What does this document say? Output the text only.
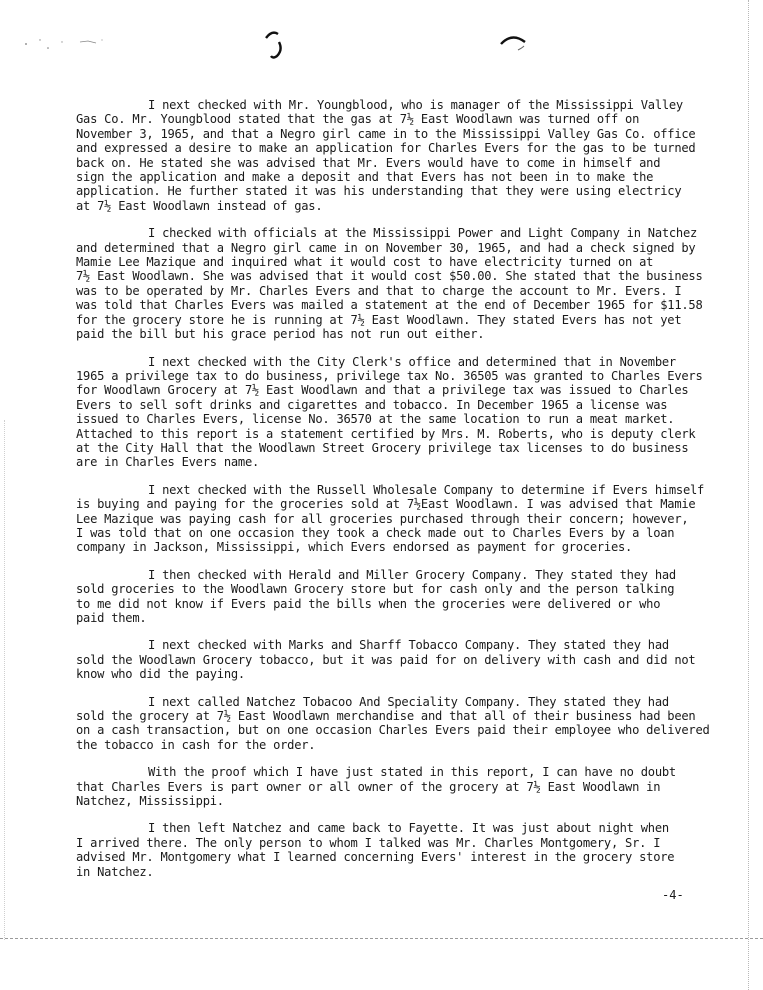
I next checked with Mr. Youngblood, who is manager of the Mississippi Valley
Gas Co. Mr. Youngblood stated that the gas at 7½ East Woodlawn was turned off on
November 3, 1965, and that a Negro girl came in to the Mississippi Valley Gas Co. office
and expressed a desire to make an application for Charles Evers for the gas to be turned
back on. He stated she was advised that Mr. Evers would have to come in himself and
sign the application and make a deposit and that Evers has not been in to make the
application. He further stated it was his understanding that they were using electricy
at 7½ East Woodlawn instead of gas.

I checked with officials at the Mississippi Power and Light Company in Natchez
and determined that a Negro girl came in on November 30, 1965, and had a check signed by
Mamie Lee Mazique and inquired what it would cost to have electricity turned on at
7½ East Woodlawn. She was advised that it would cost $50.00. She stated that the business
was to be operated by Mr. Charles Evers and that to charge the account to Mr. Evers. I
was told that Charles Evers was mailed a statement at the end of December 1965 for $11.58
for the grocery store he is running at 7½ East Woodlawn. They stated Evers has not yet
paid the bill but his grace period has not run out either.

I next checked with the City Clerk's office and determined that in November
1965 a privilege tax to do business, privilege tax No. 36505 was granted to Charles Evers
for Woodlawn Grocery at 7½ East Woodlawn and that a privilege tax was issued to Charles
Evers to sell soft drinks and cigarettes and tobacco. In December 1965 a license was
issued to Charles Evers, license No. 36570 at the same location to run a meat market.
Attached to this report is a statement certified by Mrs. M. Roberts, who is deputy clerk
at the City Hall that the Woodlawn Street Grocery privilege tax licenses to do business
are in Charles Evers name.

I next checked with the Russell Wholesale Company to determine if Evers himself
is buying and paying for the groceries sold at 7½East Woodlawn. I was advised that Mamie
Lee Mazique was paying cash for all groceries purchased through their concern; however,
I was told that on one occasion they took a check made out to Charles Evers by a loan
company in Jackson, Mississippi, which Evers endorsed as payment for groceries.

I then checked with Herald and Miller Grocery Company. They stated they had
sold groceries to the Woodlawn Grocery store but for cash only and the person talking
to me did not know if Evers paid the bills when the groceries were delivered or who
paid them.

I next checked with Marks and Sharff Tobacco Company. They stated they had
sold the Woodlawn Grocery tobacco, but it was paid for on delivery with cash and did not
know who did the paying.

I next called Natchez Tobacoo And Speciality Company. They stated they had
sold the grocery at 7½ East Woodlawn merchandise and that all of their business had been
on a cash transaction, but on one occasion Charles Evers paid their employee who delivered
the tobacco in cash for the order.

With the proof which I have just stated in this report, I can have no doubt
that Charles Evers is part owner or all owner of the grocery at 7½ East Woodlawn in
Natchez, Mississippi.

I then left Natchez and came back to Fayette. It was just about night when
I arrived there. The only person to whom I talked was Mr. Charles Montgomery, Sr. I
advised Mr. Montgomery what I learned concerning Evers' interest in the grocery store
in Natchez.

-4-
